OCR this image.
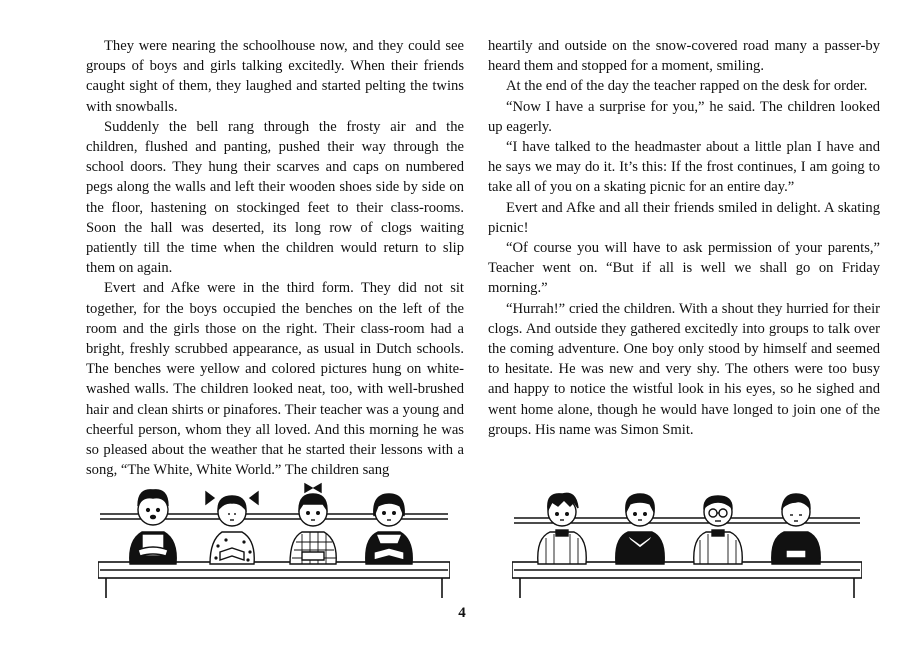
They were nearing the schoolhouse now, and they could see groups of boys and girls talking excitedly. When their friends caught sight of them, they laughed and started pelting the twins with snowballs.

Suddenly the bell rang through the frosty air and the children, flushed and panting, pushed their way through the school doors. They hung their scarves and caps on numbered pegs along the walls and left their wooden shoes side by side on the floor, hastening on stockinged feet to their class-rooms. Soon the hall was deserted, its long row of clogs waiting patiently till the time when the children would return to slip them on again.

Evert and Afke were in the third form. They did not sit together, for the boys occupied the benches on the left of the room and the girls those on the right. Their class-room had a bright, freshly scrubbed appearance, as usual in Dutch schools. The benches were yellow and colored pictures hung on white-washed walls. The children looked neat, too, with well-brushed hair and clean shirts or pinafores. Their teacher was a young and cheerful person, whom they all loved. And this morning he was so pleased about the weather that he started their lessons with a song, “The White, White World.” The children sang

heartily and outside on the snow-covered road many a passer-by heard them and stopped for a moment, smiling.

At the end of the day the teacher rapped on the desk for order.

“Now I have a surprise for you,” he said. The children looked up eagerly.

“I have talked to the headmaster about a little plan I have and he says we may do it. It’s this: If the frost continues, I am going to take all of you on a skating picnic for an entire day.”

Evert and Afke and all their friends smiled in delight. A skating picnic!

“Of course you will have to ask permission of your parents,” Teacher went on. “But if all is well we shall go on Friday morning.”

“Hurrah!” cried the children. With a shout they hurried for their clogs. And outside they gathered excitedly into groups to talk over the coming adventure. One boy only stood by himself and seemed to hesitate. He was new and very shy. The others were too busy and happy to notice the wistful look in his eyes, so he sighed and went home alone, though he would have longed to join one of the groups. His name was Simon Smit.

4
